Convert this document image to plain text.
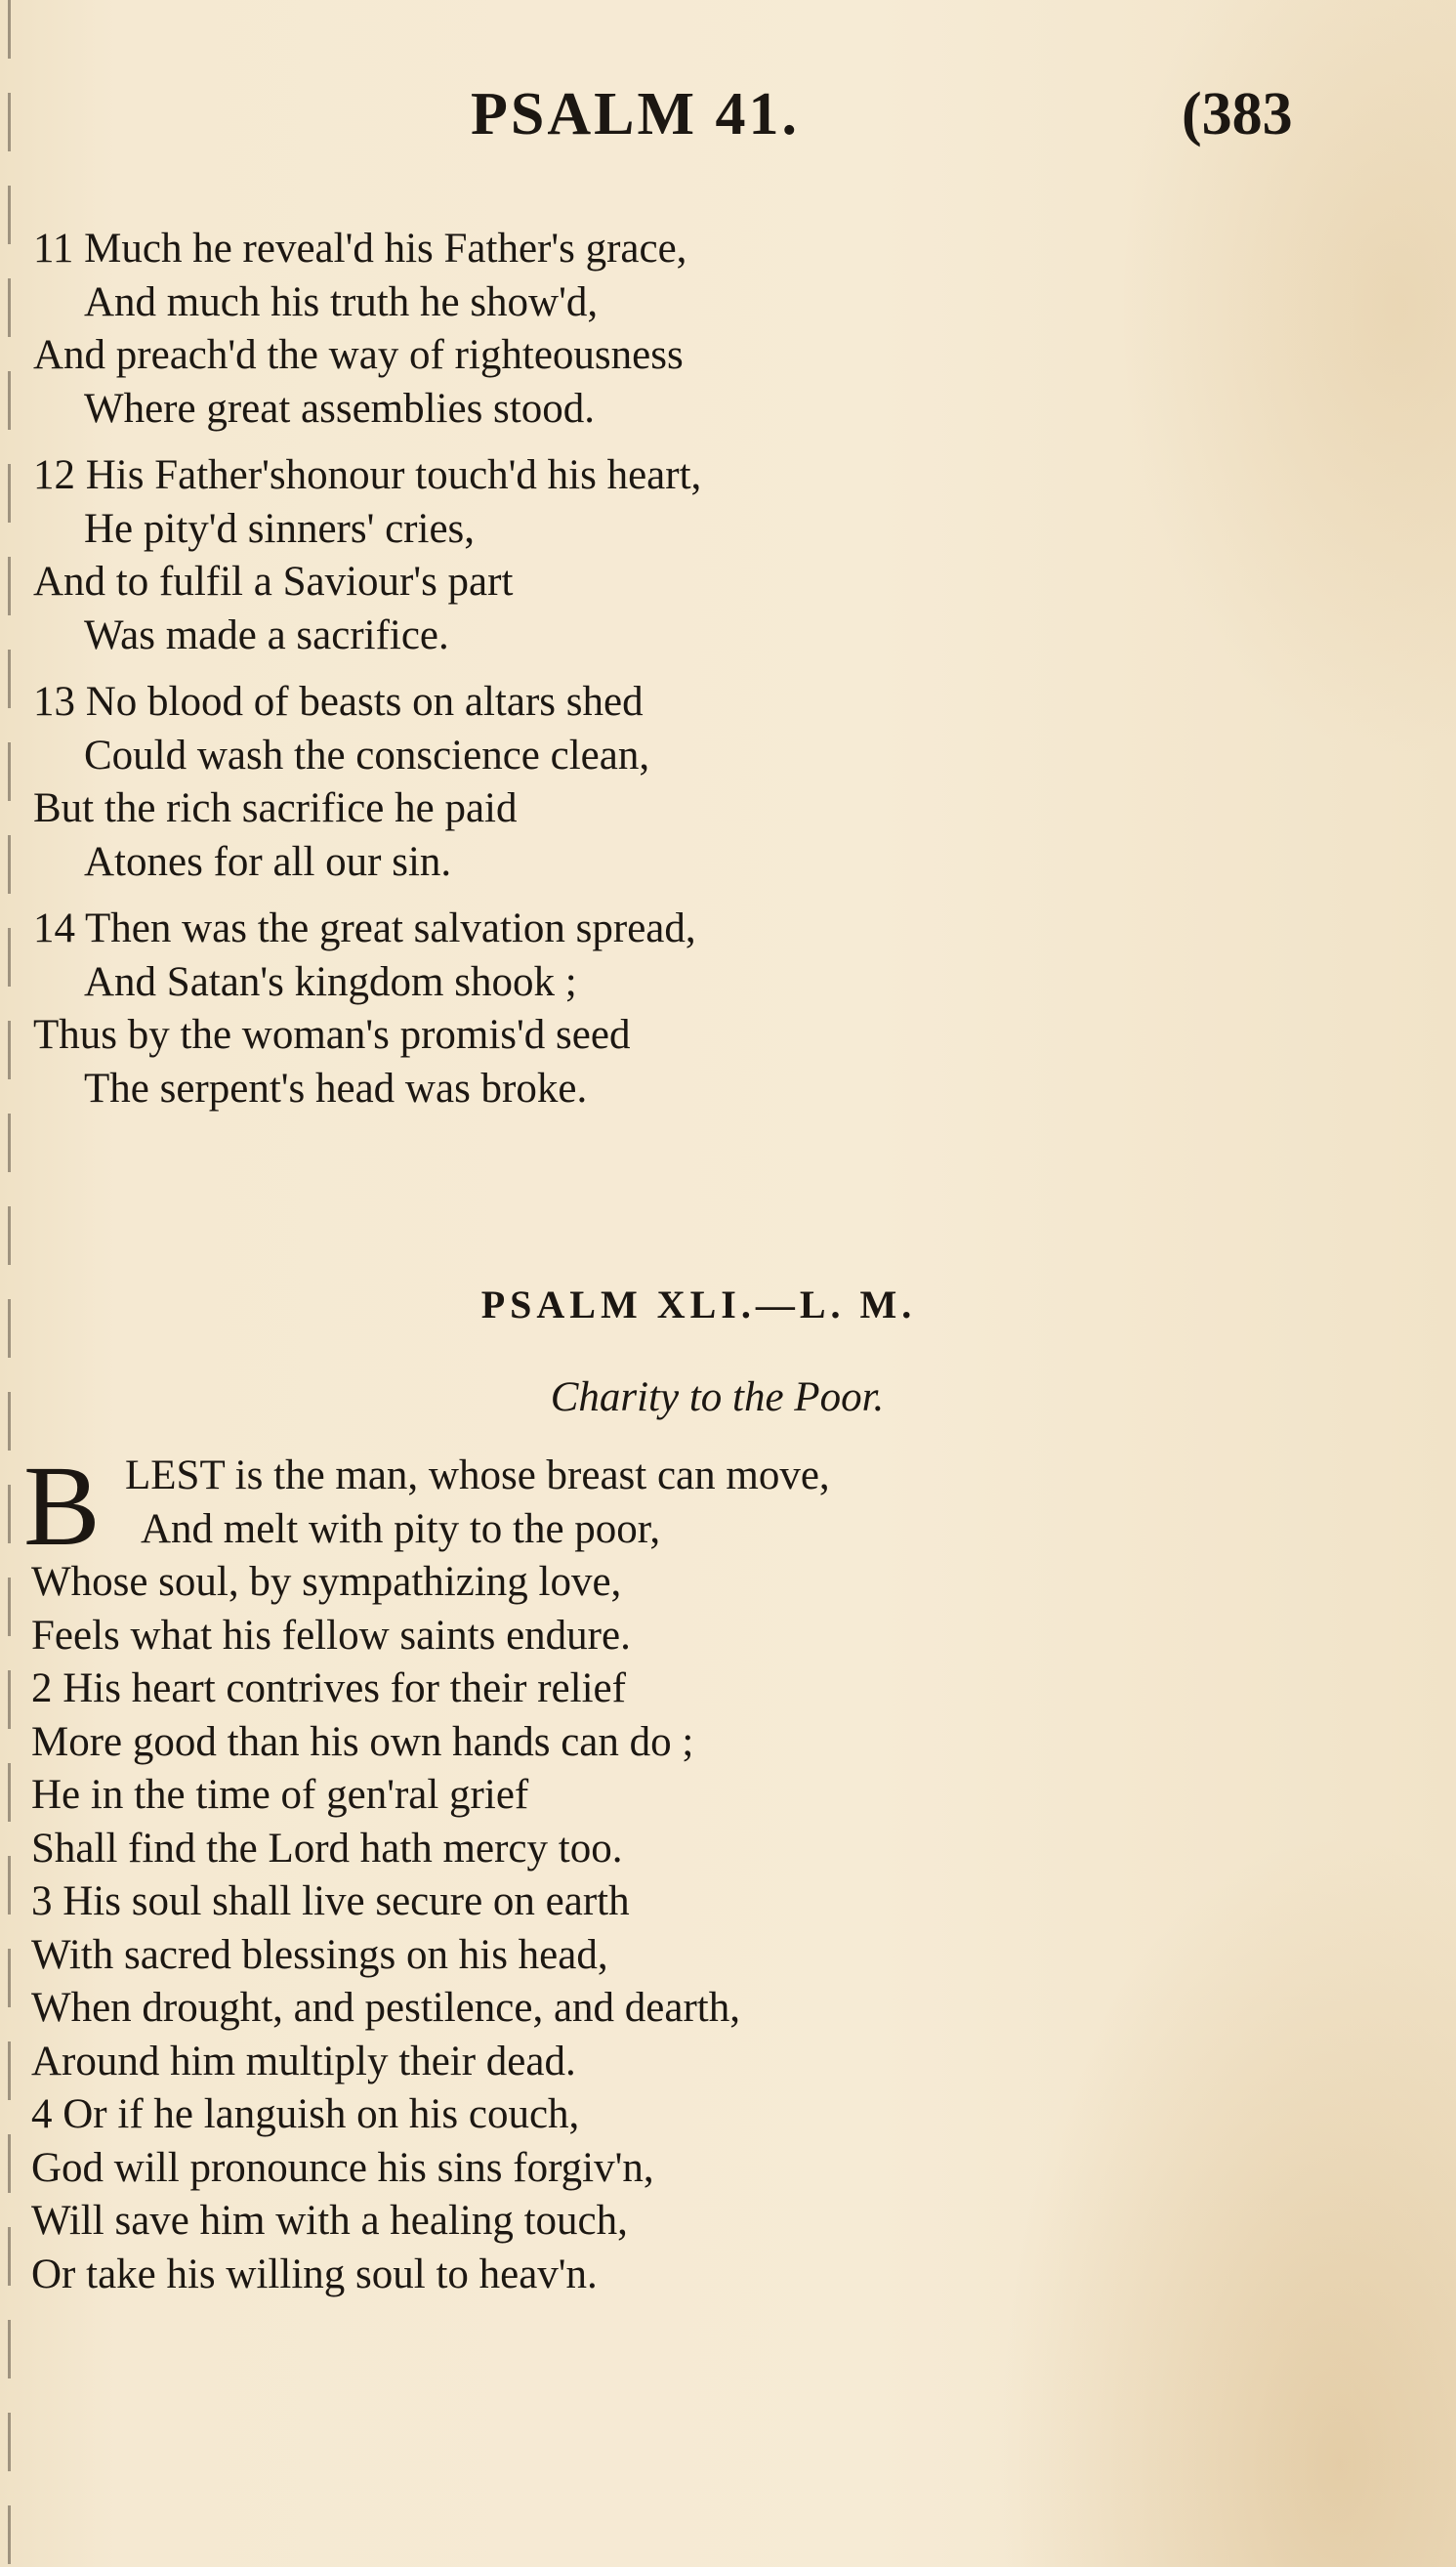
PSALM 41.	(383
11 Much he reveal'd his Father's grace,
And much his truth he show'd,
And preach'd the way of righteousness
Where great assemblies stood.
12 His Father'shonour touch'd his heart,
He pity'd sinners' cries,
And to fulfil a Saviour's part
Was made a sacrifice.
13 No blood of beasts on altars shed
Could wash the conscience clean,
But the rich sacrifice he paid
Atones for all our sin.
14 Then was the great salvation spread,
And Satan's kingdom shook ;
Thus by the woman's promis'd seed
The serpent's head was broke.
PSALM XLI.—L. M.
Charity to the Poor.
B LEST is the man, whose breast can move,
And melt with pity to the poor,
Whose soul, by sympathizing love,
Feels what his fellow saints endure.
2 His heart contrives for their relief
More good than his own hands can do ;
He in the time of gen'ral grief
Shall find the Lord hath mercy too.
3 His soul shall live secure on earth
With sacred blessings on his head,
When drought, and pestilence, and dearth,
Around him multiply their dead.
4 Or if he languish on his couch,
God will pronounce his sins forgiv'n,
Will save him with a healing touch,
Or take his willing soul to heav'n.
